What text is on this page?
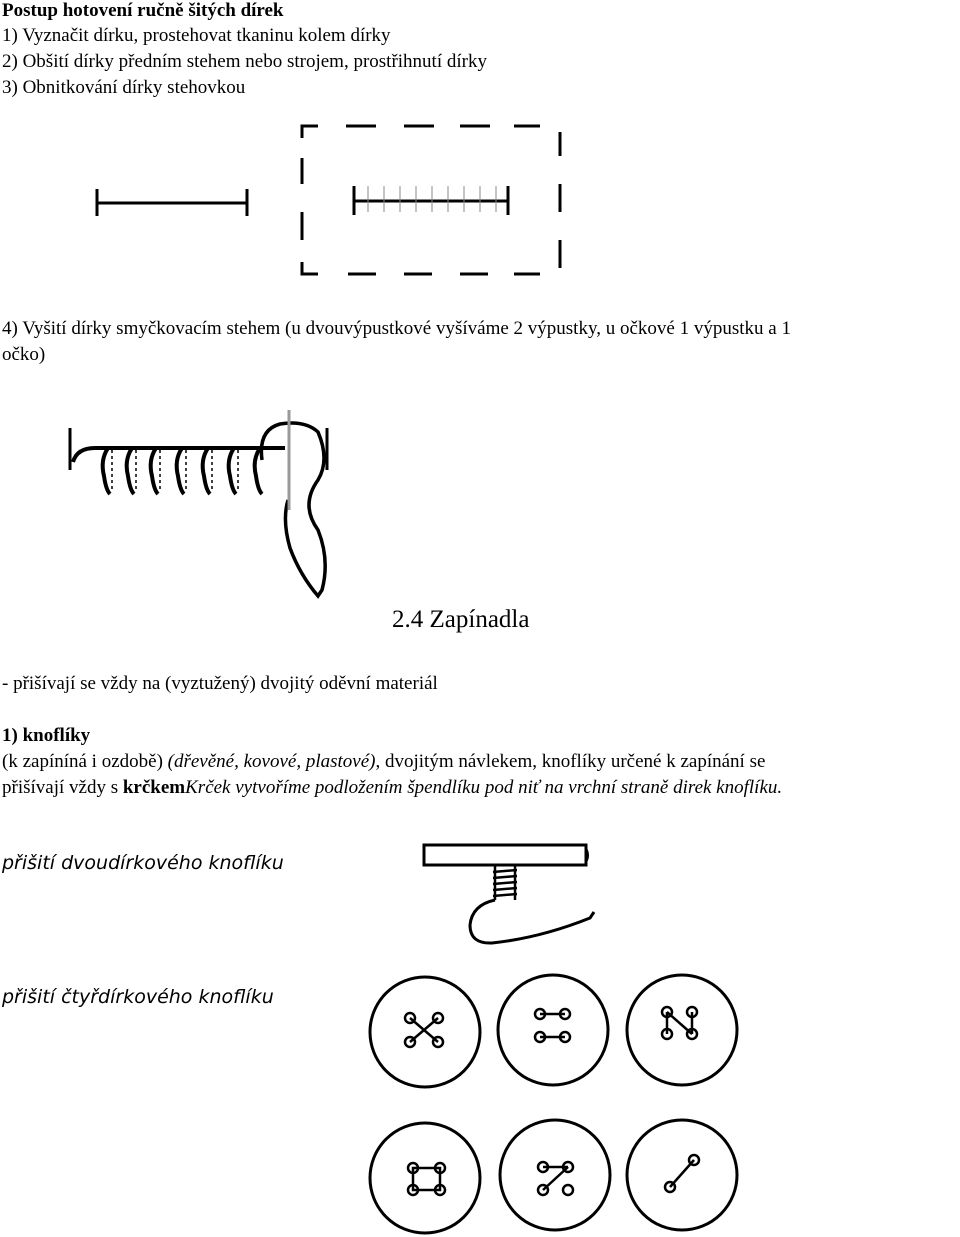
Postup hotovení ručně šitých dírek

1) Vyznačit dírku, prostehovat tkaninu kolem dírky

2) Obšití dírky předním stehem nebo strojem, prostřihnutí dírky

3) Obnitkování dírky stehovkou

4) Vyšití dírky smyčkovacím stehem (u dvouvýpustkové vyšíváme 2 výpustky, u očkové 1 výpustku a 1

očko)

2.4 Zapínadla

- přišívají se vždy na (vyztužený) dvojitý oděvní materiál

1) knoflíky

(k zapíníná i ozdobě) (dřevěné, kovové, plastové), dvojitým návlekem, knoflíky určené k zapínání se

přišívají vždy s krčkemKrček vytvoříme podložením špendlíku pod niť na vrchní straně direk knoflíku.

přišití dvoudírkového knoflíku

přišití čtyřdírkového knoflíku
